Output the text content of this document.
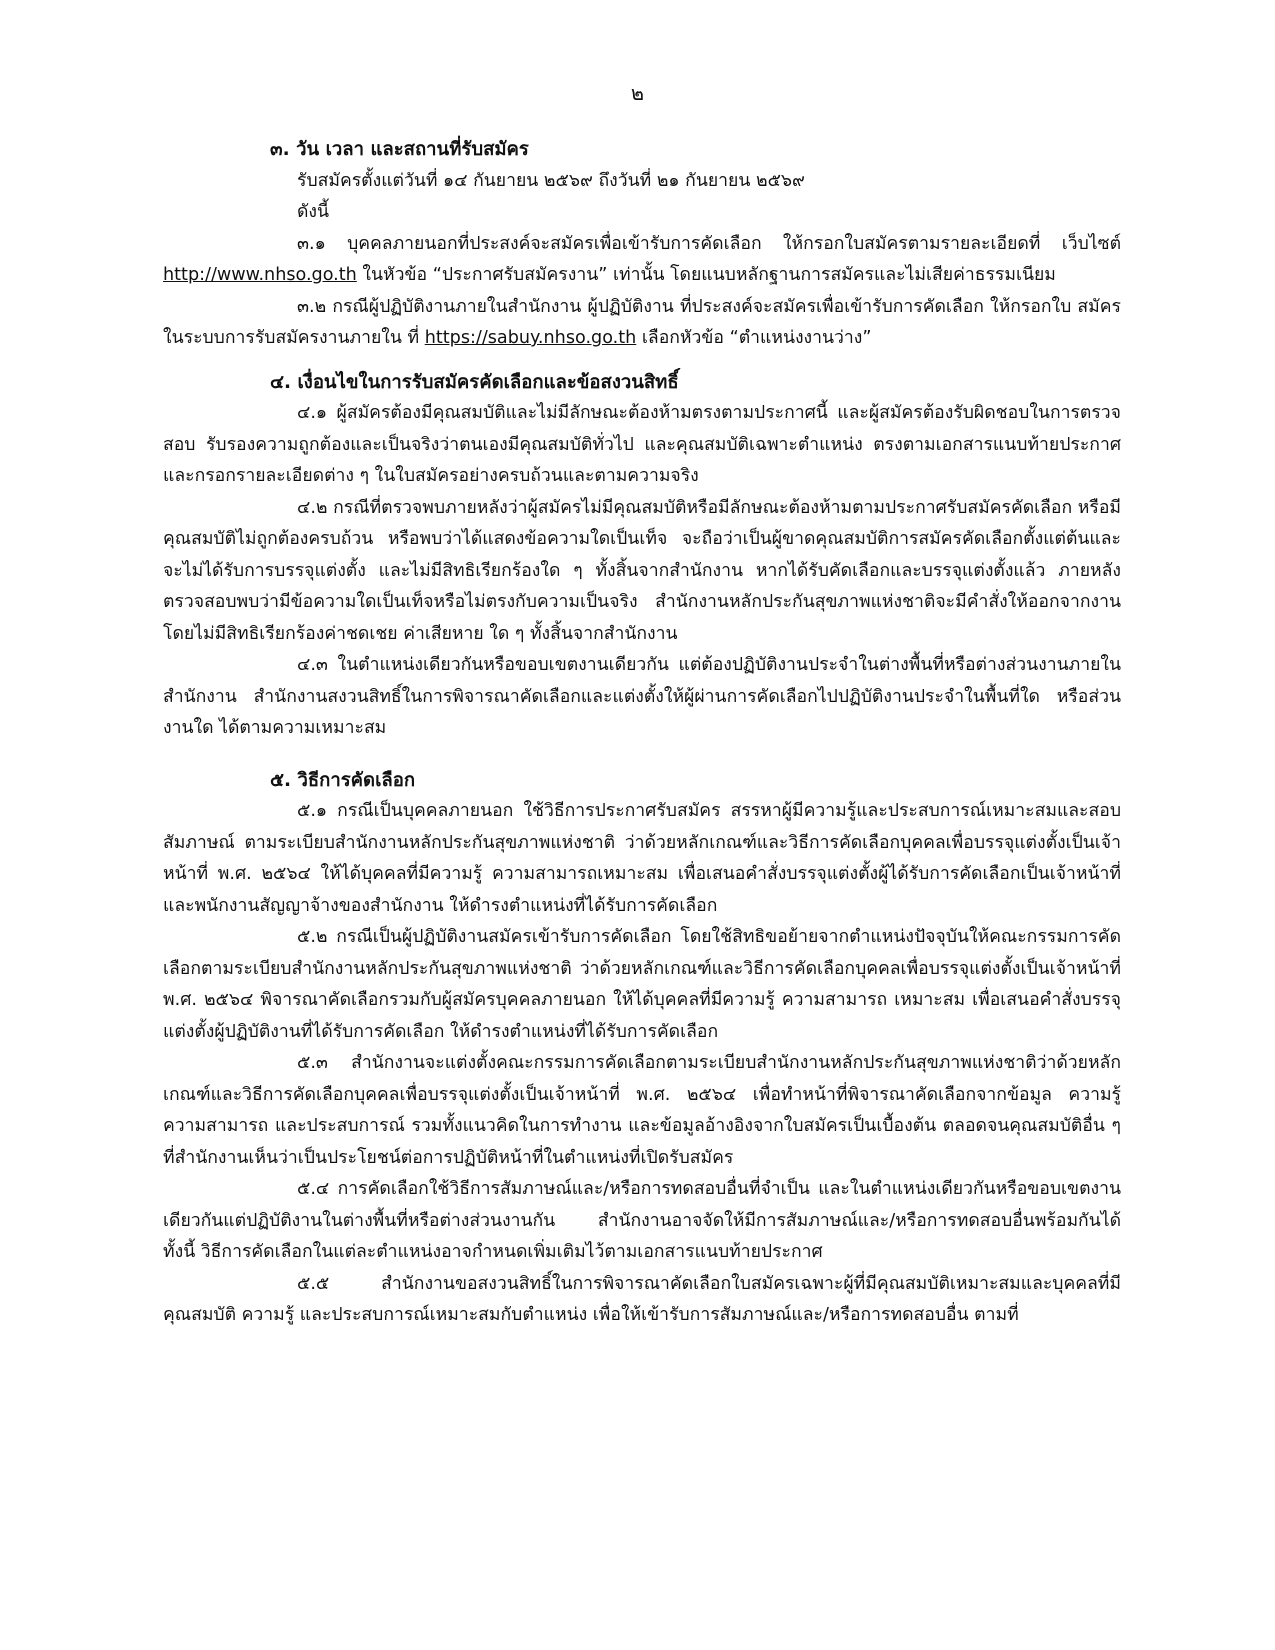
๒
๓. วัน เวลา และสถานที่รับสมัคร
รับสมัครตั้งแต่วันที่ ๑๔ กันยายน ๒๕๖๙ ถึงวันที่ ๒๑ กันยายน ๒๕๖๙
ดังนี้

๓.๑ บุคคลภายนอกที่ประสงค์จะสมัครเพื่อเข้ารับการคัดเลือก ให้กรอกใบสมัครตามรายละเอียดที่ เว็บไซต์ http://www.nhso.go.th ในหัวข้อ “ประกาศรับสมัครงาน” เท่านั้น โดยแนบหลักฐานการสมัครและไม่เสียค่าธรรมเนียม

๓.๒ กรณีผู้ปฏิบัติงานภายในสำนักงาน ผู้ปฏิบัติงาน ที่ประสงค์จะสมัครเพื่อเข้ารับการคัดเลือก ให้กรอกใบ สมัครในระบบการรับสมัครงานภายใน ที่ https://sabuy.nhso.go.th เลือกหัวข้อ “ตำแหน่งงานว่าง”

๔. เงื่อนไขในการรับสมัครคัดเลือกและข้อสงวนสิทธิ์

๔.๑ ผู้สมัครต้องมีคุณสมบัติและไม่มีลักษณะต้องห้ามตรงตามประกาศนี้ และผู้สมัครต้องรับผิดชอบในการตรวจสอบ รับรองความถูกต้องและเป็นจริงว่าตนเองมีคุณสมบัติทั่วไป และคุณสมบัติเฉพาะตำแหน่ง ตรงตามเอกสารแนบท้ายประกาศ และกรอกรายละเอียดต่าง ๆ ในใบสมัครอย่างครบถ้วนและตามความจริง

๔.๒ กรณีที่ตรวจพบภายหลังว่าผู้สมัครไม่มีคุณสมบัติหรือมีลักษณะต้องห้ามตามประกาศรับสมัครคัดเลือก หรือมีคุณสมบัติไม่ถูกต้องครบถ้วน หรือพบว่าได้แสดงข้อความใดเป็นเท็จ จะถือว่าเป็นผู้ขาดคุณสมบัติการสมัครคัดเลือกตั้งแต่ต้นและจะไม่ได้รับการบรรจุแต่งตั้ง และไม่มีสิทธิเรียกร้องใด ๆ ทั้งสิ้นจากสำนักงาน หากได้รับคัดเลือกและบรรจุแต่งตั้งแล้ว ภายหลังตรวจสอบพบว่ามีข้อความใดเป็นเท็จหรือไม่ตรงกับความเป็นจริง สำนักงานหลักประกันสุขภาพแห่งชาติจะมีคำสั่งให้ออกจากงาน โดยไม่มีสิทธิเรียกร้องค่าชดเชย ค่าเสียหาย ใด ๆ ทั้งสิ้นจากสำนักงาน

๔.๓ ในตำแหน่งเดียวกันหรือขอบเขตงานเดียวกัน แต่ต้องปฏิบัติงานประจำในต่างพื้นที่หรือต่างส่วนงานภายในสำนักงาน สำนักงานสงวนสิทธิ์ในการพิจารณาคัดเลือกและแต่งตั้งให้ผู้ผ่านการคัดเลือกไปปฏิบัติงานประจำในพื้นที่ใด หรือส่วนงานใด ได้ตามความเหมาะสม

๕. วิธีการคัดเลือก

๕.๑ กรณีเป็นบุคคลภายนอก ใช้วิธีการประกาศรับสมัคร สรรหาผู้มีความรู้และประสบการณ์เหมาะสมและสอบสัมภาษณ์ ตามระเบียบสำนักงานหลักประกันสุขภาพแห่งชาติ ว่าด้วยหลักเกณฑ์และวิธีการคัดเลือกบุคคลเพื่อบรรจุแต่งตั้งเป็นเจ้าหน้าที่ พ.ศ. ๒๕๖๔ ให้ได้บุคคลที่มีความรู้ ความสามารถเหมาะสม เพื่อเสนอคำสั่งบรรจุแต่งตั้งผู้ได้รับการคัดเลือกเป็นเจ้าหน้าที่และพนักงานสัญญาจ้างของสำนักงาน ให้ดำรงตำแหน่งที่ได้รับการคัดเลือก

๕.๒ กรณีเป็นผู้ปฏิบัติงานสมัครเข้ารับการคัดเลือก โดยใช้สิทธิขอย้ายจากตำแหน่งปัจจุบันให้คณะกรรมการคัดเลือกตามระเบียบสำนักงานหลักประกันสุขภาพแห่งชาติ ว่าด้วยหลักเกณฑ์และวิธีการคัดเลือกบุคคลเพื่อบรรจุแต่งตั้งเป็นเจ้าหน้าที่ พ.ศ. ๒๕๖๔ พิจารณาคัดเลือกรวมกับผู้สมัครบุคคลภายนอก ให้ได้บุคคลที่มีความรู้ ความสามารถ เหมาะสม เพื่อเสนอคำสั่งบรรจุ แต่งตั้งผู้ปฏิบัติงานที่ได้รับการคัดเลือก ให้ดำรงตำแหน่งที่ได้รับการคัดเลือก

๕.๓ สำนักงานจะแต่งตั้งคณะกรรมการคัดเลือกตามระเบียบสำนักงานหลักประกันสุขภาพแห่งชาติว่าด้วยหลักเกณฑ์และวิธีการคัดเลือกบุคคลเพื่อบรรจุแต่งตั้งเป็นเจ้าหน้าที่ พ.ศ. ๒๕๖๔ เพื่อทำหน้าที่พิจารณาคัดเลือกจากข้อมูล ความรู้ ความสามารถ และประสบการณ์ รวมทั้งแนวคิดในการทำงาน และข้อมูลอ้างอิงจากใบสมัครเป็นเบื้องต้น ตลอดจนคุณสมบัติอื่น ๆ ที่สำนักงานเห็นว่าเป็นประโยชน์ต่อการปฏิบัติหน้าที่ในตำแหน่งที่เปิดรับสมัคร

๕.๔ การคัดเลือกใช้วิธีการสัมภาษณ์และ/หรือการทดสอบอื่นที่จำเป็น และในตำแหน่งเดียวกันหรือขอบเขตงานเดียวกันแต่ปฏิบัติงานในต่างพื้นที่หรือต่างส่วนงานกัน สำนักงานอาจจัดให้มีการสัมภาษณ์และ/หรือการทดสอบอื่นพร้อมกันได้ ทั้งนี้ วิธีการคัดเลือกในแต่ละตำแหน่งอาจกำหนดเพิ่มเติมไว้ตามเอกสารแนบท้ายประกาศ

๕.๕ สำนักงานขอสงวนสิทธิ์ในการพิจารณาคัดเลือกใบสมัครเฉพาะผู้ที่มีคุณสมบัติเหมาะสมและบุคคลที่มีคุณสมบัติ ความรู้ และประสบการณ์เหมาะสมกับตำแหน่ง เพื่อให้เข้ารับการสัมภาษณ์และ/หรือการทดสอบอื่น ตามที่
